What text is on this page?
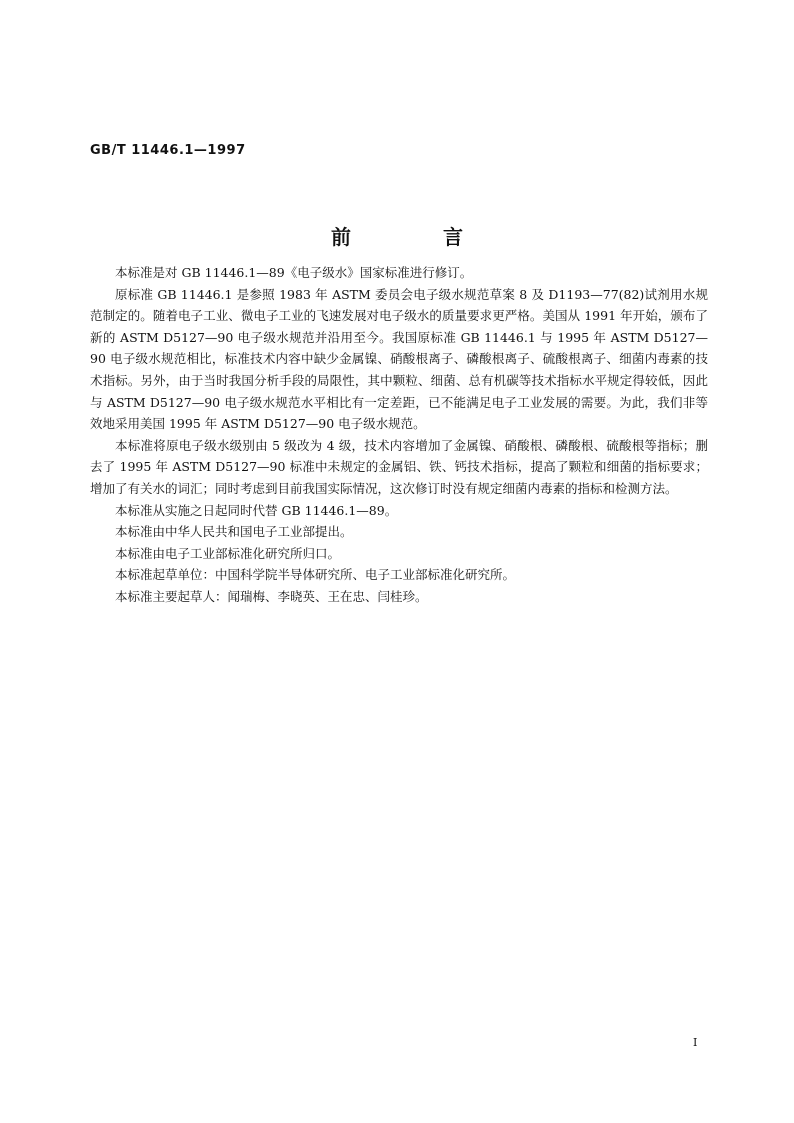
GB/T 11446.1—1997
前　言

本标准是对 GB 11446.1—89《电子级水》国家标准进行修订。

原标准 GB 11446.1 是参照 1983 年 ASTM 委员会电子级水规范草案 8 及 D1193—77(82)试剂用水规范制定的。随着电子工业、微电子工业的飞速发展对电子级水的质量要求更严格。美国从 1991 年开始，颁布了新的 ASTM D5127—90 电子级水规范并沿用至今。我国原标准 GB 11446.1 与 1995 年 ASTM D5127—90 电子级水规范相比，标准技术内容中缺少金属镍、硝酸根离子、磷酸根离子、硫酸根离子、细菌内毒素的技术指标。另外，由于当时我国分析手段的局限性，其中颗粒、细菌、总有机碳等技术指标水平规定得较低，因此与 ASTM D5127—90 电子级水规范水平相比有一定差距，已不能满足电子工业发展的需要。为此，我们非等效地采用美国 1995 年 ASTM D5127—90 电子级水规范。

本标准将原电子级水级别由 5 级改为 4 级，技术内容增加了金属镍、硝酸根、磷酸根、硫酸根等指标；删去了 1995 年 ASTM D5127—90 标准中未规定的金属铝、铁、钙技术指标，提高了颗粒和细菌的指标要求；增加了有关水的词汇；同时考虑到目前我国实际情况，这次修订时没有规定细菌内毒素的指标和检测方法。

本标准从实施之日起同时代替 GB 11446.1—89。

本标准由中华人民共和国电子工业部提出。

本标准由电子工业部标准化研究所归口。

本标准起草单位：中国科学院半导体研究所、电子工业部标准化研究所。

本标准主要起草人：闻瑞梅、李晓英、王在忠、闫桂珍。

I
